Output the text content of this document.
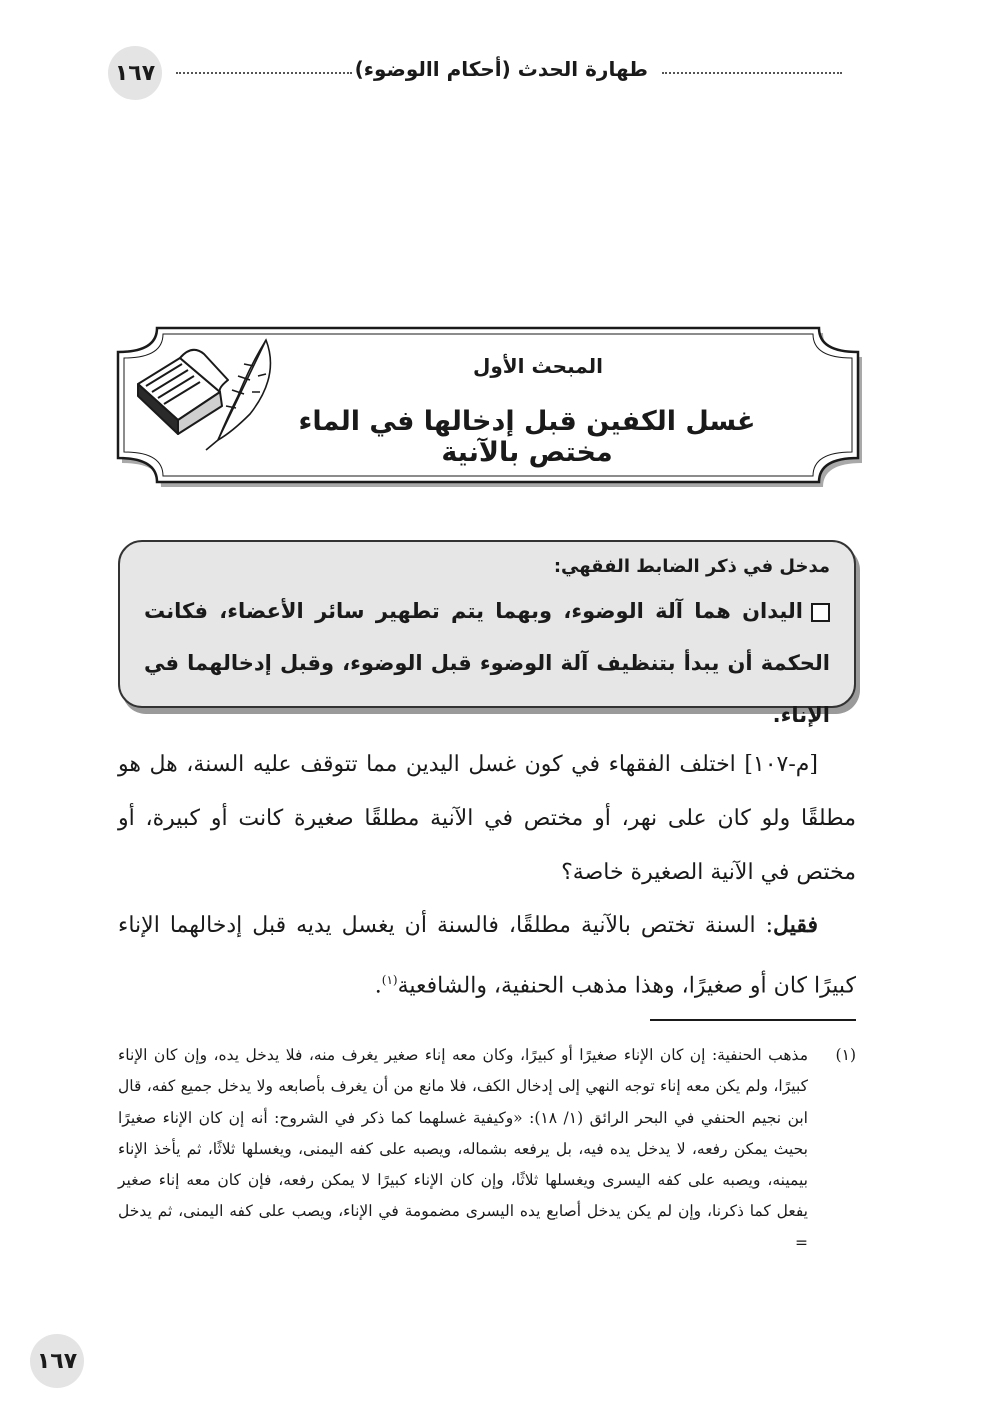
١٦٧	طهارة الحدث (أحكام االوضوء)
المبحث الأول
غسل الكفين قبل إدخالها في الماء مختص بالآنية
مدخل في ذكر الضابط الفقهي:
اليدان هما آلة الوضوء، وبهما يتم تطهير سائر الأعضاء، فكانت الحكمة أن يبدأ بتنظيف آلة الوضوء قبل الوضوء، وقبل إدخالهما في الإناء.
[م-١٠٧] اختلف الفقهاء في كون غسل اليدين مما تتوقف عليه السنة، هل هو مطلقًا ولو كان على نهر، أو مختص في الآنية مطلقًا صغيرة كانت أو كبيرة، أو مختص في الآنية الصغيرة خاصة؟
فقيل: السنة تختص بالآنية مطلقًا، فالسنة أن يغسل يديه قبل إدخالهما الإناء كبيرًا كان أو صغيرًا، وهذا مذهب الحنفية، والشافعية$^{(١)}$.
(١)
مذهب الحنفية: إن كان الإناء صغيرًا أو كبيرًا، وكان معه إناء صغير يغرف منه، فلا يدخل يده، وإن كان الإناء كبيرًا، ولم يكن معه إناء توجه النهي إلى إدخال الكف، فلا مانع من أن يغرف بأصابعه ولا يدخل جميع كفه، قال ابن نجيم الحنفي في البحر الرائق (١/ ١٨): «وكيفية غسلهما كما ذكر في الشروح: أنه إن كان الإناء صغيرًا بحيث يمكن رفعه، لا يدخل يده فيه، بل يرفعه بشماله، ويصبه على كفه اليمنى، ويغسلها ثلاثًا، ثم يأخذ الإناء بيمينه، ويصبه على كفه اليسرى ويغسلها ثلاثًا، وإن كان الإناء كبيرًا لا يمكن رفعه، فإن كان معه إناء صغير يفعل كما ذكرنا، وإن لم يكن يدخل أصابع يده اليسرى مضمومة في الإناء، ويصب على كفه اليمنى، ثم يدخل =
١٦٧
